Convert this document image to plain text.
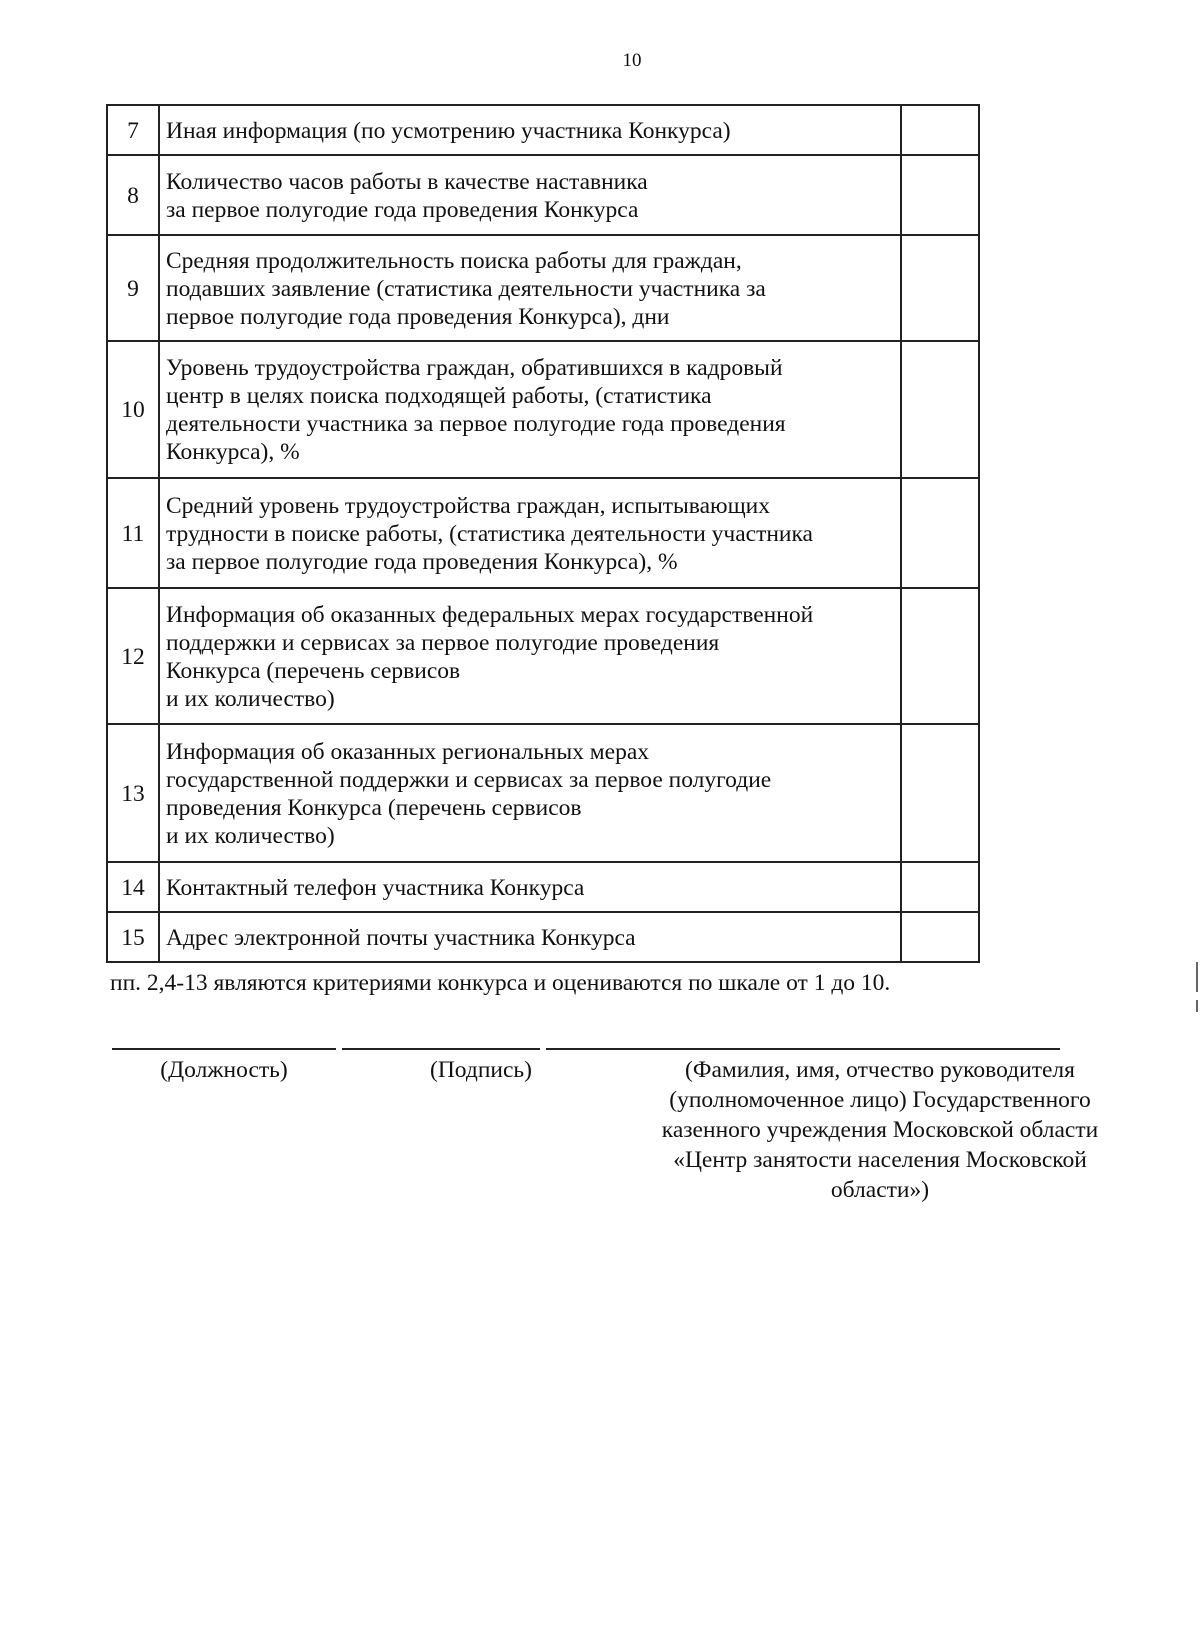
10
7	Иная информация (по усмотрению участника Конкурса)	
8	Количество часов работы в качестве наставника
за первое полугодие года проведения Конкурса	
9	Средняя продолжительность поиска работы для граждан,
подавших заявление (статистика деятельности участника за
первое полугодие года проведения Конкурса), дни	
10	Уровень трудоустройства граждан, обратившихся в кадровый
центр в целях поиска подходящей работы, (статистика
деятельности участника за первое полугодие года проведения
Конкурса), %	
11	Средний уровень трудоустройства граждан, испытывающих
трудности в поиске работы, (статистика деятельности участника
за первое полугодие года проведения Конкурса), %	
12	Информация об оказанных федеральных мерах государственной
поддержки и сервисах за первое полугодие проведения
Конкурса (перечень сервисов
и их количество)	
13	Информация об оказанных региональных мерах
государственной поддержки и сервисах за первое полугодие
проведения Конкурса (перечень сервисов
и их количество)	
14	Контактный телефон участника Конкурса	
15	Адрес электронной почты участника Конкурса	
пп. 2,4-13 являются критериями конкурса и оцениваются по шкале от 1 до 10.
(Должность)	(Подпись)	(Фамилия, имя, отчество руководителя
(уполномоченное лицо) Государственного
казенного учреждения Московской области
«Центр занятости населения Московской
области»)
